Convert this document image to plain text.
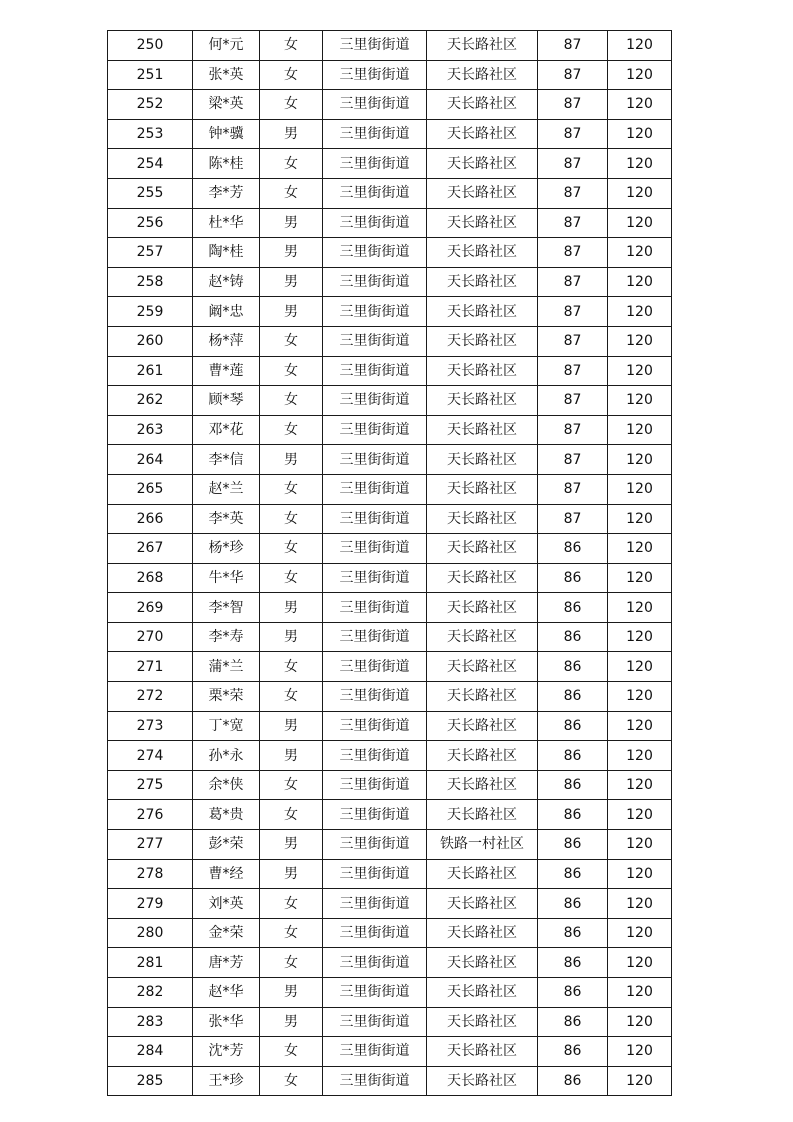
250	何*元	女	三里街街道	天长路社区	87	120
251	张*英	女	三里街街道	天长路社区	87	120
252	梁*英	女	三里街街道	天长路社区	87	120
253	钟*骥	男	三里街街道	天长路社区	87	120
254	陈*桂	女	三里街街道	天长路社区	87	120
255	李*芳	女	三里街街道	天长路社区	87	120
256	杜*华	男	三里街街道	天长路社区	87	120
257	陶*桂	男	三里街街道	天长路社区	87	120
258	赵*铸	男	三里街街道	天长路社区	87	120
259	阚*忠	男	三里街街道	天长路社区	87	120
260	杨*萍	女	三里街街道	天长路社区	87	120
261	曹*莲	女	三里街街道	天长路社区	87	120
262	顾*琴	女	三里街街道	天长路社区	87	120
263	邓*花	女	三里街街道	天长路社区	87	120
264	李*信	男	三里街街道	天长路社区	87	120
265	赵*兰	女	三里街街道	天长路社区	87	120
266	李*英	女	三里街街道	天长路社区	87	120
267	杨*珍	女	三里街街道	天长路社区	86	120
268	牛*华	女	三里街街道	天长路社区	86	120
269	李*智	男	三里街街道	天长路社区	86	120
270	李*寿	男	三里街街道	天长路社区	86	120
271	蒲*兰	女	三里街街道	天长路社区	86	120
272	栗*荣	女	三里街街道	天长路社区	86	120
273	丁*宽	男	三里街街道	天长路社区	86	120
274	孙*永	男	三里街街道	天长路社区	86	120
275	余*侠	女	三里街街道	天长路社区	86	120
276	葛*贵	女	三里街街道	天长路社区	86	120
277	彭*荣	男	三里街街道	铁路一村社区	86	120
278	曹*经	男	三里街街道	天长路社区	86	120
279	刘*英	女	三里街街道	天长路社区	86	120
280	金*荣	女	三里街街道	天长路社区	86	120
281	唐*芳	女	三里街街道	天长路社区	86	120
282	赵*华	男	三里街街道	天长路社区	86	120
283	张*华	男	三里街街道	天长路社区	86	120
284	沈*芳	女	三里街街道	天长路社区	86	120
285	王*珍	女	三里街街道	天长路社区	86	120
